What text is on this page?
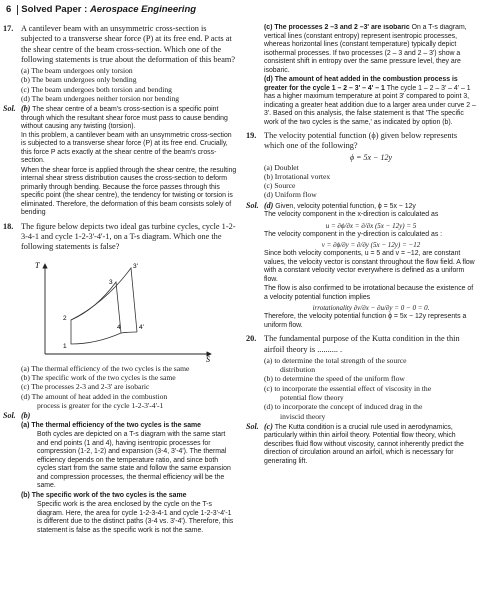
6 Solved Paper : Aerospace Engineering
17. A cantilever beam with an unsymmetric cross-section is subjected to a transverse shear force (P) at its free end. P acts at the shear centre of the beam cross-section. Which one of the following statements is true about the deformation of this beam?
(a) The beam undergoes only torsion
(b) The beam undergoes only bending
(c) The beam undergoes both torsion and bending
(d) The beam undergoes neither torsion nor bending
Sol. (b) The shear centre of a beam's cross-section is a specific point through which the resultant shear force must pass to cause bending without causing any twisting (torsion).
In this problem, a cantilever beam with an unsymmetric cross-section is subjected to a transverse shear force (P) at its free end. Crucially, this force P acts exactly at the shear centre of the beam's cross-section.
When the shear force is applied through the shear centre, the resulting internal shear stress distribution causes the cross-section to deform primarily through bending. Because the force passes through this specific point (the shear centre), the tendency for twisting or torsion is eliminated. Therefore, the deformation of this beam consists solely of bending
18. The figure below depicts two ideal gas turbine cycles, cycle 1-2-3-4-1 and cycle 1-2-3'-4'-1, on a T-s diagram. Which one the following statements is false?
T
S
1
2
3
3'
4	4'
(a) The thermal efficiency of the two cycles is the same
(b) The specific work of the two cycles is the same
(c) The processes 2-3 and 2-3' are isobaric
(d) The amount of heat added in the combustion
process is greater for the cycle 1-2-3'-4'-1
Sol. (b)
(a) The thermal efficiency of the two cycles is the same
Both cycles are depicted on a T-s diagram with the same start and end points (1 and 4), having isentropic processes for compression (1-2, 1-2) and expansion (3-4, 3'-4'). The thermal efficiency depends on the temperature ratio, and since both cycles start from the same state and follow the same expansion and compression processes, the thermal efficiency will be the same.
(b) The specific work of the two cycles is the same
Specific work is the area enclosed by the cycle on the T-s diagram. Here, the area for cycle 1-2-3-4-1 and cycle 1-2-3'-4'-1 is different due to the distinct paths (3-4 vs. 3'-4'). Therefore, this statement is false as the specific work is not the same.
(c) The processes 2 –3 and 2 –3' are isobaric On a T-s diagram, vertical lines (constant entropy) represent isentropic processes, whereas horizontal lines (constant temperature) typically depict isothermal processes. If two processes (2 – 3 and 2 – 3') show a consistent shift in entropy over the same pressure level, they are isobaric.
(d) The amount of heat added in the combustion process is greater for the cycle 1 – 2 – 3' – 4' – 1 The cycle 1 – 2 – 3' – 4' – 1 has a higher maximum temperature at point 3' compared to point 3, indicating a greater heat addition due to a larger area under curve 2 – 3'. Based on this analysis, the false statement is that 'The specific work of the two cycles is the same,' as indicated by option (b).
19. The velocity potential function (ϕ) given below represents which one of the following?
ϕ = 5x − 12y
(a) Doublet
(b) Irrotational vortex
(c) Source
(d) Uniform flow
Sol. (d) Given, velocity potential function, ϕ = 5x − 12y
The velocity component in the x-direction is calculated as
u = ∂ϕ/∂x = ∂/∂x (5x − 12y) = 5
The velocity component in the y-direction is calculated as :
v = ∂ϕ/∂y = ∂/∂y (5x − 12y) = −12
Since both velocity components, u = 5 and v = −12, are constant values, the velocity vector is constant throughout the flow field. A flow with a constant velocity vector everywhere is defined as a uniform flow.
The flow is also confirmed to be irrotational because the existence of a velocity potential function implies
irrotationality ∂v/∂x − ∂u/∂y = 0 − 0 = 0.
Therefore, the velocity potential function ϕ = 5x − 12y represents a uniform flow.
20. The fundamental purpose of the Kutta condition in the thin airfoil theory is .......... .
(a) to determine the total strength of the source
distribution
(b) to determine the speed of the uniform flow
(c) to incorporate the essential effect of viscosity in the
potential flow theory
(d) to incorporate the concept of induced drag in the
inviscid theory
Sol. (c) The Kutta condition is a crucial rule used in aerodynamics, particularly within thin airfoil theory. Potential flow theory, which describes fluid flow without viscosity, cannot inherently predict the direction of circulation around an airfoil, which is necessary for generating lift.
